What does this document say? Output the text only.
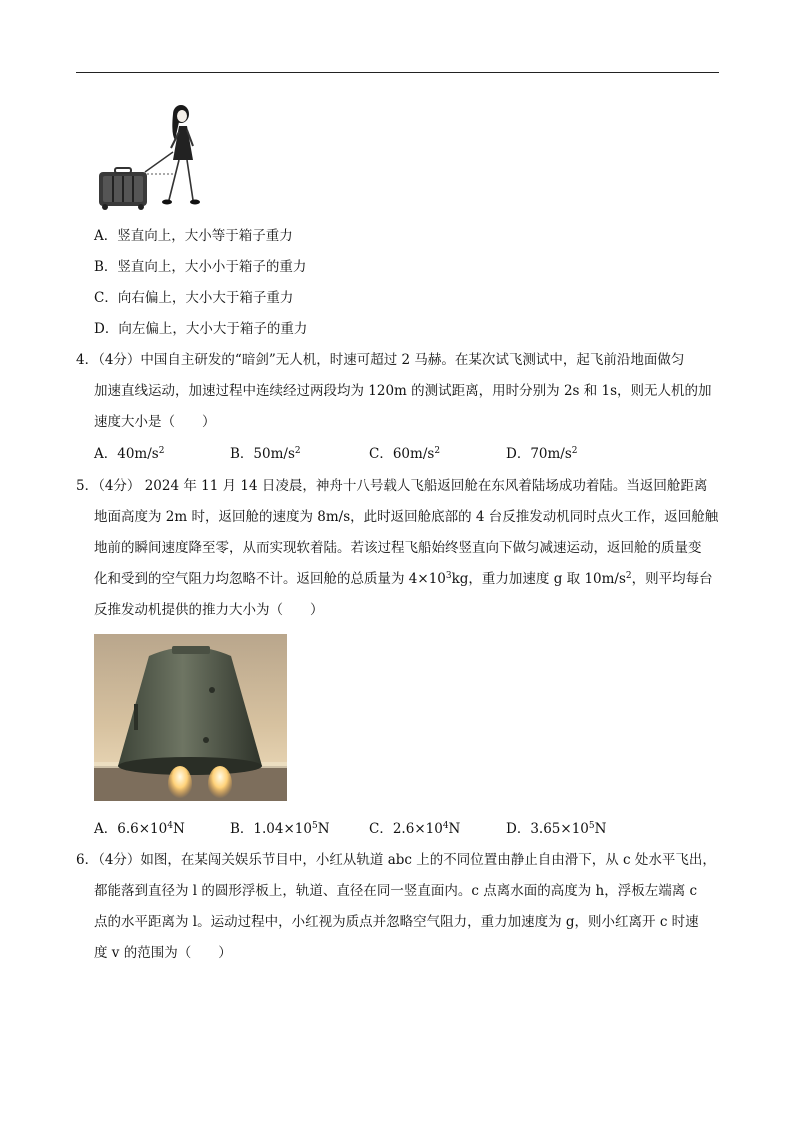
A．竖直向上，大小等于箱子重力
B．竖直向上，大小小于箱子的重力
C．向右偏上，大小大于箱子重力
D．向左偏上，大小大于箱子的重力
4．（4分）中国自主研发的“暗剑”无人机，时速可超过 2 马赫。在某次试飞测试中，起飞前沿地面做匀
加速直线运动，加速过程中连续经过两段均为 120m 的测试距离，用时分别为 2s 和 1s，则无人机的加
速度大小是（　　）
A．$40m/s^2$	B．$50m/s^2$	C．$60m/s^2$	D．$70m/s^2$
5．（4分） 2024 年 11 月 14 日凌晨，神舟十八号载人飞船返回舱在东风着陆场成功着陆。当返回舱距离
地面高度为 2m 时，返回舱的速度为 8m/s，此时返回舱底部的 4 台反推发动机同时点火工作，返回舱触
地前的瞬间速度降至零，从而实现软着陆。若该过程飞船始终竖直向下做匀减速运动，返回舱的质量变
化和受到的空气阻力均忽略不计。返回舱的总质量为 $4\times 10^3kg$，重力加速度 g 取 $10m/s^2$，则平均每台
反推发动机提供的推力大小为（　　）
A．$6.6\times 10^4N$	B．$1.04\times 10^5N$	C．$2.6\times 10^4N$	D．$3.65\times 10^5N$
6．（4分）如图，在某闯关娱乐节目中，小红从轨道 abc 上的不同位置由静止自由滑下，从 c 处水平飞出，
都能落到直径为 l 的圆形浮板上，轨道、直径在同一竖直面内。c 点离水面的高度为 h，浮板左端离 c
点的水平距离为 l。运动过程中，小红视为质点并忽略空气阻力，重力加速度为 g，则小红离开 c 时速
度 v 的范围为（　　）
